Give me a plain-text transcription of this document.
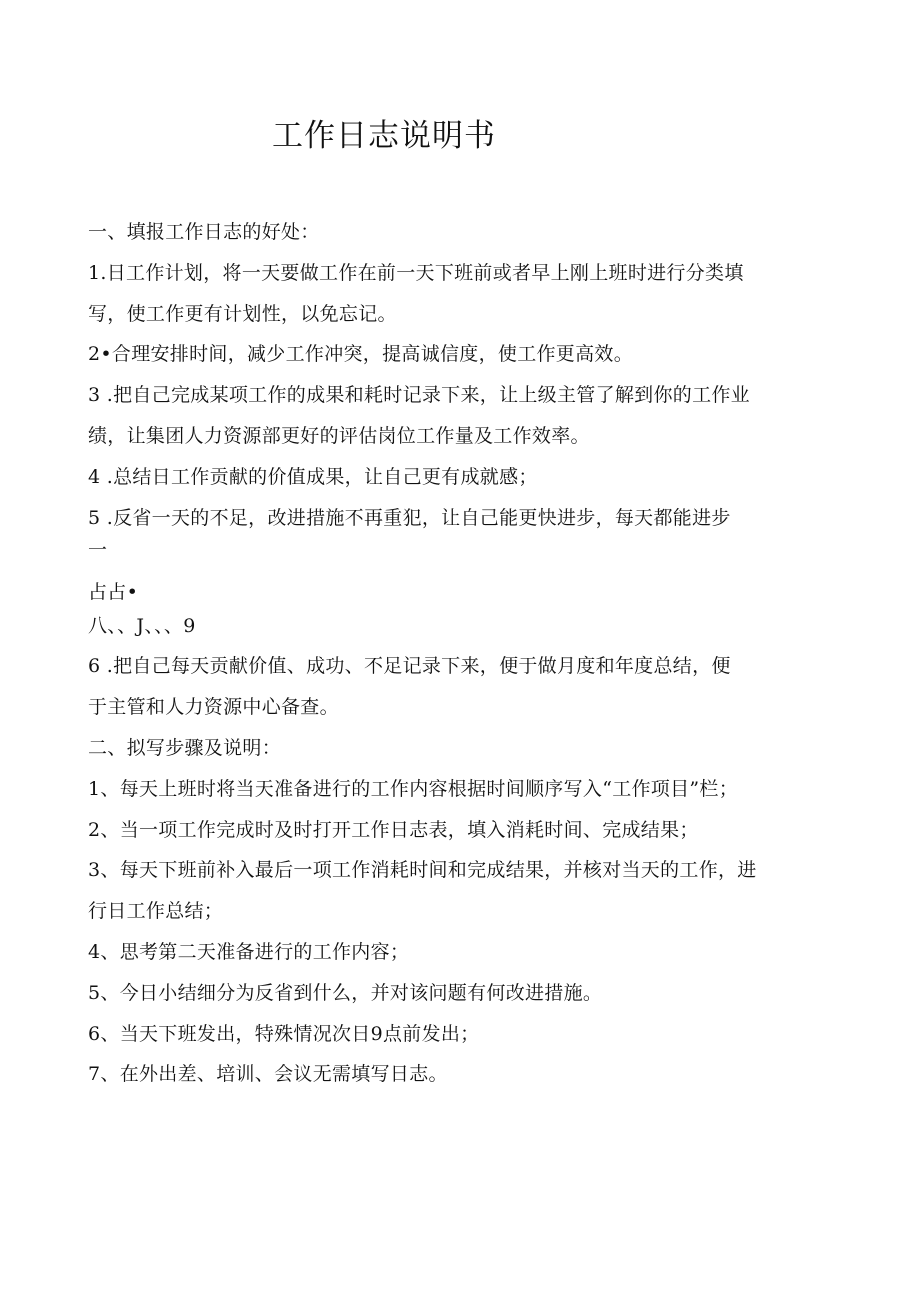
工作日志说明书
一、填报工作日志的好处：
1.日工作计划，将一天要做工作在前一天下班前或者早上刚上班时进行分类填
写，使工作更有计划性，以免忘记。
2•合理安排时间，减少工作冲突，提高诚信度，使工作更高效。
3 .把自己完成某项工作的成果和耗时记录下来，让上级主管了解到你的工作业
绩，让集团人力资源部更好的评估岗位工作量及工作效率。
4 .总结日工作贡献的价值成果，让自己更有成就感；
5 .反省一天的不足，改进措施不再重犯，让自己能更快进步，每天都能进步
一
占占•
八、、J、、、9
6 .把自己每天贡献价值、成功、不足记录下来，便于做月度和年度总结，便
于主管和人力资源中心备查。
二、拟写步骤及说明：
1、每天上班时将当天准备进行的工作内容根据时间顺序写入“工作项目”栏；
2、当一项工作完成时及时打开工作日志表，填入消耗时间、完成结果；
3、每天下班前补入最后一项工作消耗时间和完成结果，并核对当天的工作，进
行日工作总结；
4、思考第二天准备进行的工作内容；
5、今日小结细分为反省到什么，并对该问题有何改进措施。
6、当天下班发出，特殊情况次日9点前发出；
7、在外出差、培训、会议无需填写日志。
